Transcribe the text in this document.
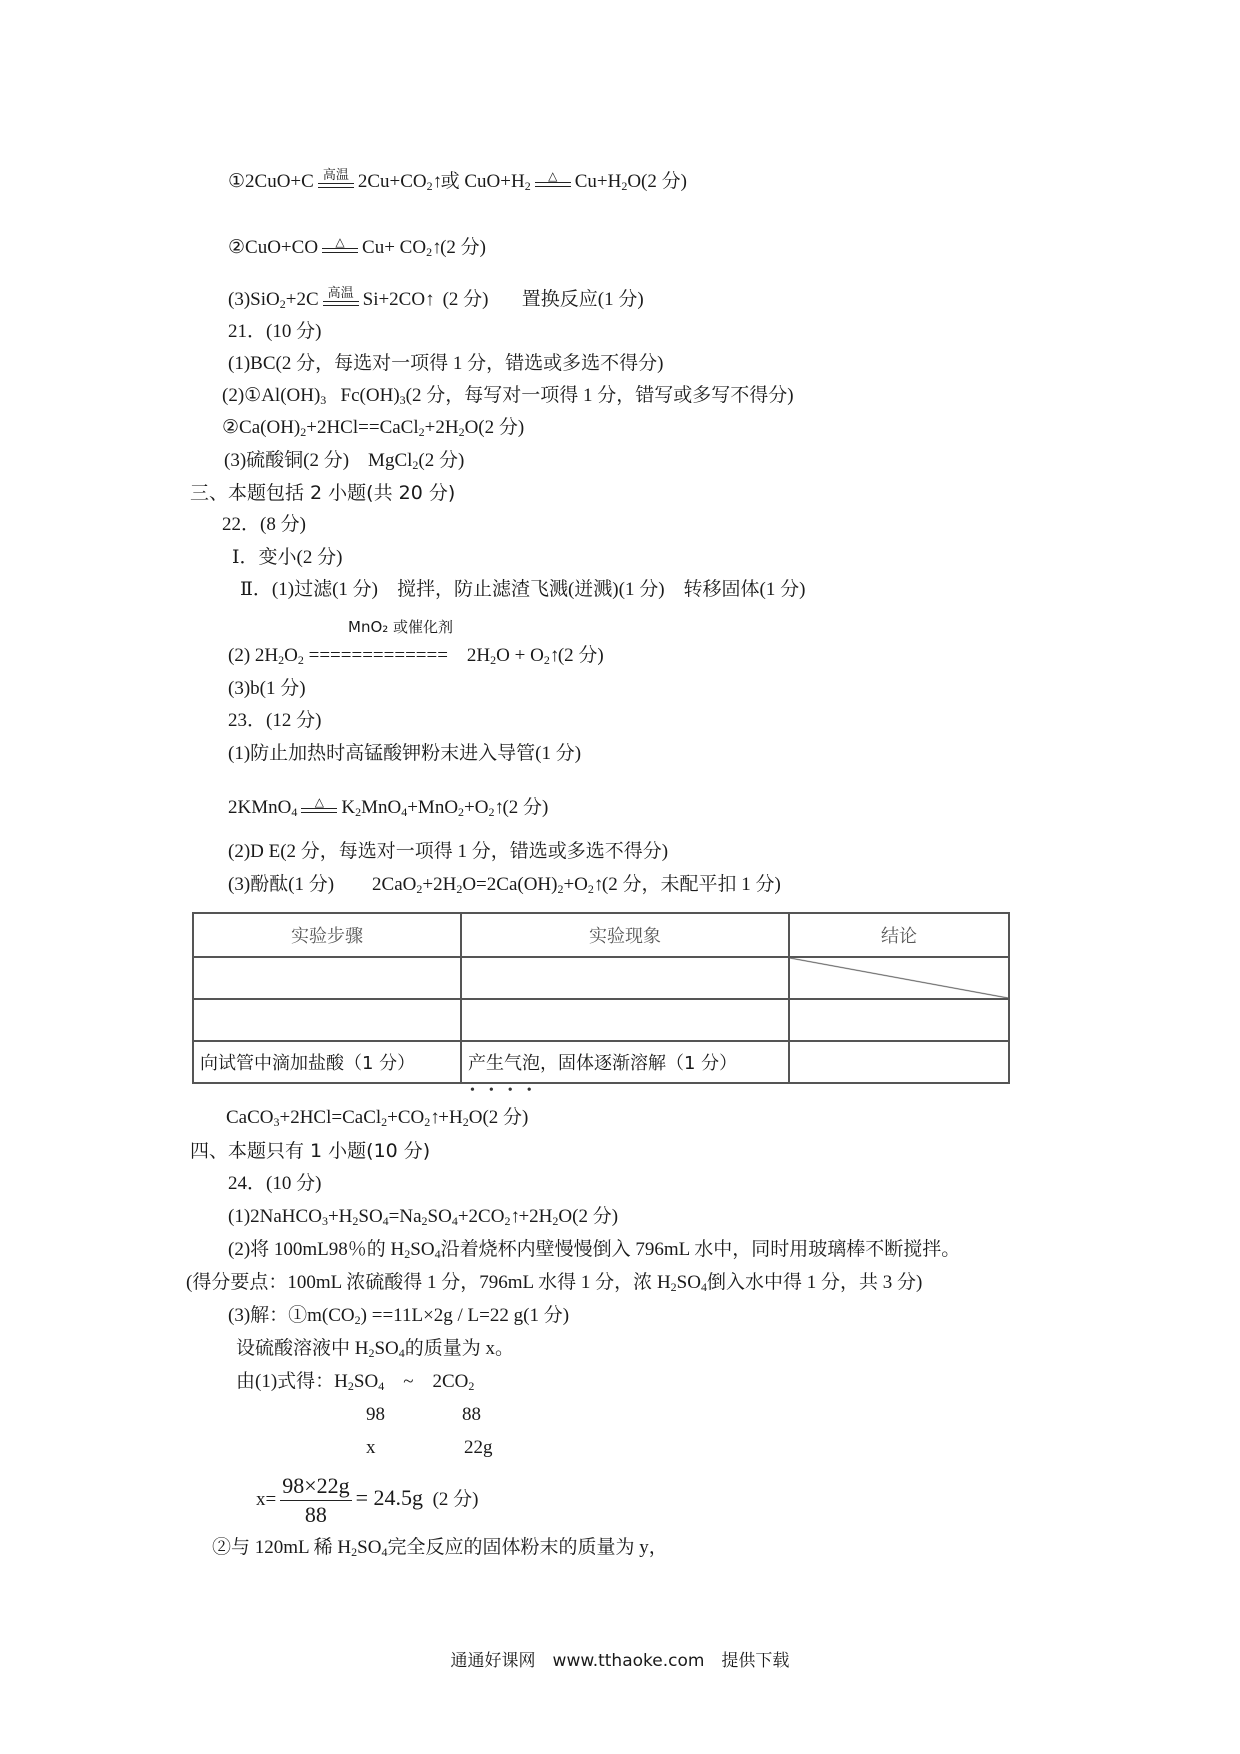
①2CuO+C 高温 $2Cu+CO_2↑$或 $CuO+H_2$
△ $Cu+H_2O(2$ 分)
②CuO+CO △ $Cu+ CO_2↑(2$ 分)
(3)SiO$_2$+2C 高温 Si+2CO↑ (2 分) 置换反应(1 分)
21．(10 分)
(1)BC(2 分，每选对一项得 1 分，错选或多选不得分)
$(2)①Al(OH)_3$ $Fc(OH)_3(2$ 分，每写对一项得 1 分，错写或多写不得分)
$②Ca(OH)_2+2HCl==CaCl_2+2H_2O(2$ 分)
(3)硫酸铜(2 分)　MgCl$_2$(2 分)
三、本题包括 2 小题(共 20 分)
22．(8 分)
Ⅰ．变小(2 分)
Ⅱ．(1)过滤(1 分)　搅拌，防止滤渣飞溅(迸溅)(1 分)　转移固体(1 分)
MnO₂ 或催化剂
(2) $2H_2O_2$ =============　$2H_2O$ + $O_2↑(2$ 分)
(3)b(1 分)
23．(12 分)
(1)防止加热时高锰酸钾粉末进入导管(1 分)
2KMnO$_4$
△ $K_2MnO_4+MnO_2+O_2↑(2$ 分)
(2)D E(2 分，每选对一项得 1 分，错选或多选不得分)
(3)酚酞(1 分)　　$2CaO_2+2H_2O=2Ca(OH)_2+O_2↑(2$ 分，未配平扣 1 分)
实验步骤	实验现象	结论

向试管中滴加盐酸（1 分）	产生气泡，固体逐渐溶解（1 分）	
••••
$CaCO_3+2HCl=CaCl_2+CO_2↑+H_2O(2$ 分)
四、本题只有 1 小题(10 分)
24．(10 分)
$(1)2NaHCO_3+H_2SO_4=Na_2SO_4+2CO_2↑+2H_2O(2$ 分)
(2)将 100mL98％的 $H_2SO_4$沿着烧杯内壁慢慢倒入 796mL 水中，同时用玻璃棒不断搅拌。
(得分要点：100mL 浓硫酸得 1 分，796mL 水得 1 分，浓 $H_2SO_4$倒入水中得 1 分，共 3 分)
(3)解：$①m(CO_2) ==11L\times 2g / L=22$ g(1 分)
设硫酸溶液中 $H_2SO_4$的质量为 x。
由(1)式得：$H_2SO_4$　~　$2CO_2$
98	88
x	22g
$x= \frac{98\times 22g}{88} = 24.5g$ (2 分)
②与 120mL 稀 $H_2SO_4$完全反应的固体粉末的质量为 y，
通通好课网　www.tthaoke.com　提供下载
